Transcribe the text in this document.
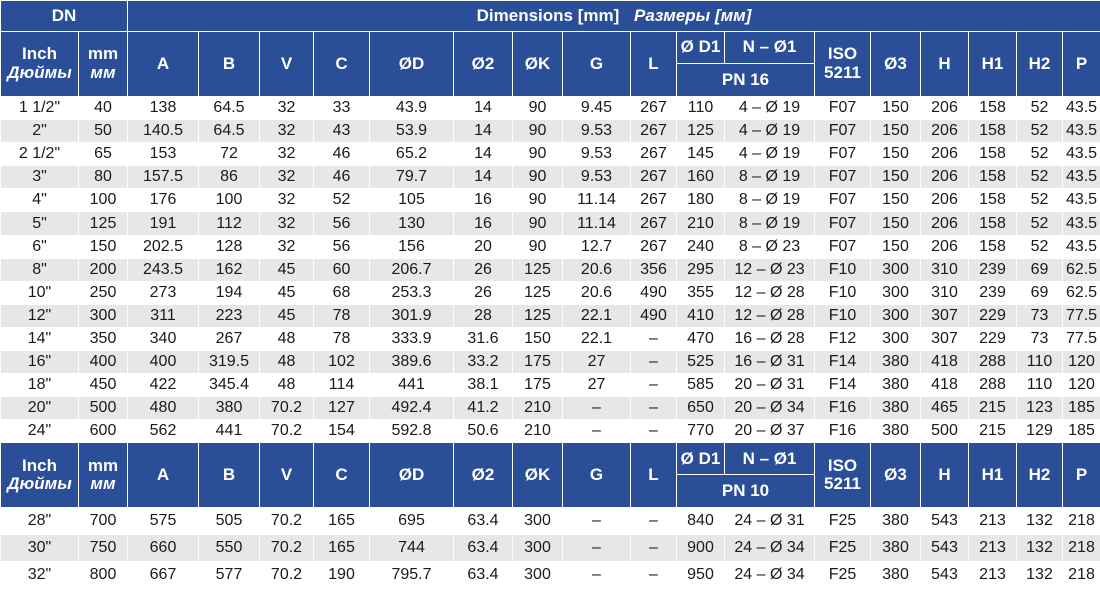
DN		Dimensions [mm] Размеры [мм]																
Inch
Дюймы	mm
мм	A	B	V	C	ØD	Ø2	ØK	G	L	Ø D1	N – Ø1	ISO
5211	Ø3	H	H1	H2	P
											PN 16							
1 1/2"	40	138	64.5	32	33	43.9	14	90	9.45	267	110	4 – Ø 19	F07	150	206	158	52	43.5
2"	50	140.5	64.5	32	43	53.9	14	90	9.53	267	125	4 – Ø 19	F07	150	206	158	52	43.5
2 1/2"	65	153	72	32	46	65.2	14	90	9.53	267	145	4 – Ø 19	F07	150	206	158	52	43.5
3"	80	157.5	86	32	46	79.7	14	90	9.53	267	160	8 – Ø 19	F07	150	206	158	52	43.5
4"	100	176	100	32	52	105	16	90	11.14	267	180	8 – Ø 19	F07	150	206	158	52	43.5
5"	125	191	112	32	56	130	16	90	11.14	267	210	8 – Ø 19	F07	150	206	158	52	43.5
6"	150	202.5	128	32	56	156	20	90	12.7	267	240	8 – Ø 23	F07	150	206	158	52	43.5
8"	200	243.5	162	45	60	206.7	26	125	20.6	356	295	12 – Ø 23	F10	300	310	239	69	62.5
10"	250	273	194	45	68	253.3	26	125	20.6	490	355	12 – Ø 28	F10	300	310	239	69	62.5
12"	300	311	223	45	78	301.9	28	125	22.1	490	410	12 – Ø 28	F10	300	307	229	73	77.5
14"	350	340	267	48	78	333.9	31.6	150	22.1	–	470	16 – Ø 28	F12	300	307	229	73	77.5
16"	400	400	319.5	48	102	389.6	33.2	175	27	–	525	16 – Ø 31	F14	380	418	288	110	120
18"	450	422	345.4	48	114	441	38.1	175	27	–	585	20 – Ø 31	F14	380	418	288	110	120
20"	500	480	380	70.2	127	492.4	41.2	210	–	–	650	20 – Ø 34	F16	380	465	215	123	185
24"	600	562	441	70.2	154	592.8	50.6	210	–	–	770	20 – Ø 37	F16	380	500	215	129	185
Inch
Дюймы	mm
мм	A	B	V	C	ØD	Ø2	ØK	G	L	Ø D1	N – Ø1	ISO
5211	Ø3	H	H1	H2	P
											PN 10							
28"	700	575	505	70.2	165	695	63.4	300	–	–	840	24 – Ø 31	F25	380	543	213	132	218
30"	750	660	550	70.2	165	744	63.4	300	–	–	900	24 – Ø 34	F25	380	543	213	132	218
32"	800	667	577	70.2	190	795.7	63.4	300	–	–	950	24 – Ø 34	F25	380	543	213	132	218
